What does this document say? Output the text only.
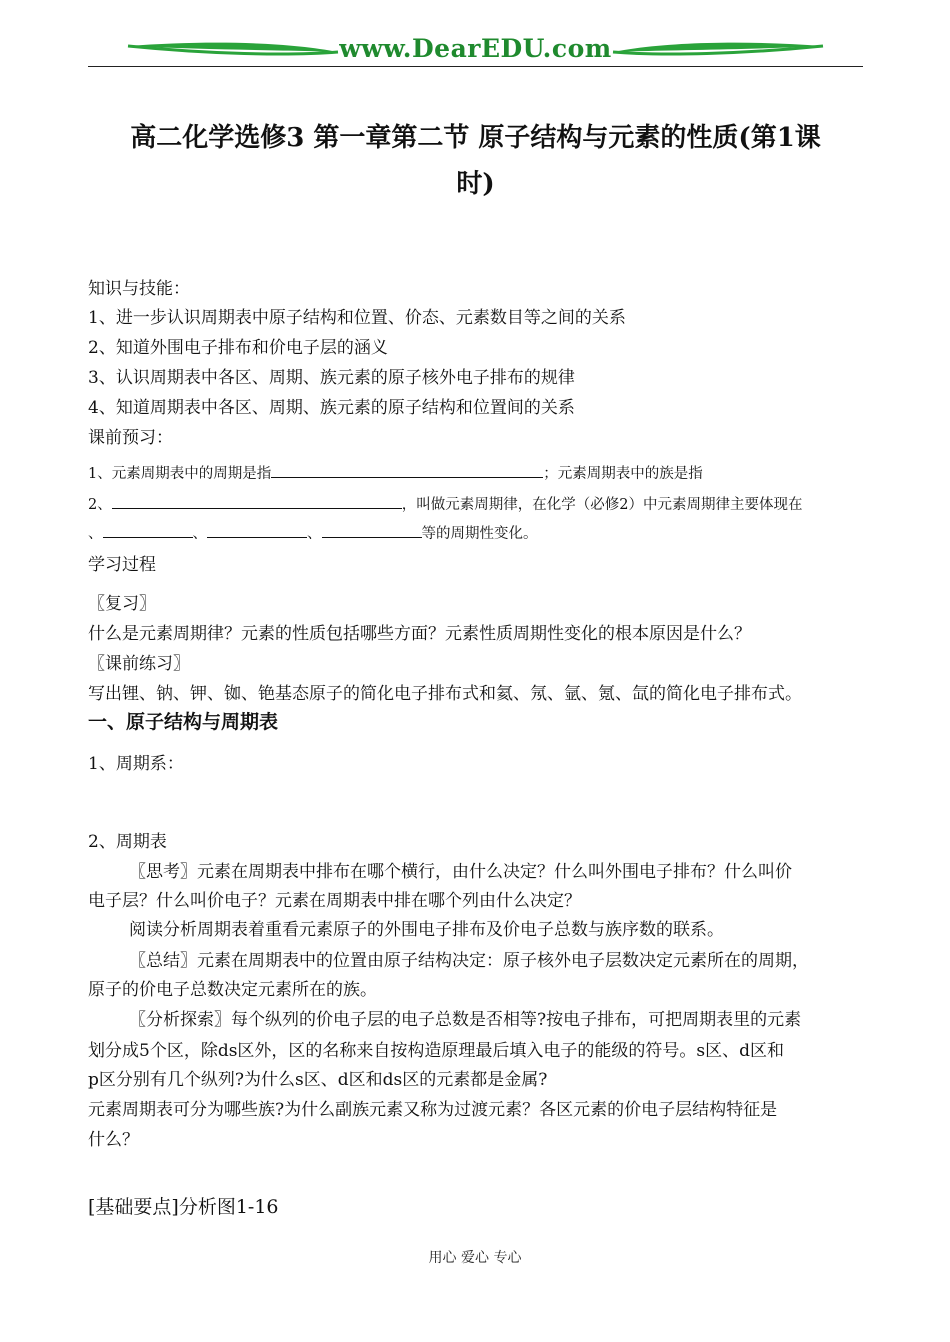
www.DearEDU.com
高二化学选修3 第一章第二节 原子结构与元素的性质(第1课
时)
知识与技能：
1、进一步认识周期表中原子结构和位置、价态、元素数目等之间的关系
2、知道外围电子排布和价电子层的涵义
3、认识周期表中各区、周期、族元素的原子核外电子排布的规律
4、知道周期表中各区、周期、族元素的原子结构和位置间的关系
课前预习：
1、元素周期表中的周期是指	；元素周期表中的族是指
2、	，叫做元素周期律，在化学（必修2）中元素周期律主要体现在
、	、	、	等的周期性变化。
学习过程
〖复习〗
什么是元素周期律？元素的性质包括哪些方面？元素性质周期性变化的根本原因是什么？
〖课前练习〗
写出锂、钠、钾、铷、铯基态原子的简化电子排布式和氦、氖、氩、氪、氙的简化电子排布式。
一、原子结构与周期表
1、周期系：
2、周期表
〖思考〗元素在周期表中排布在哪个横行，由什么决定？什么叫外围电子排布？什么叫价
电子层？什么叫价电子？元素在周期表中排在哪个列由什么决定？
阅读分析周期表着重看元素原子的外围电子排布及价电子总数与族序数的联系。
〖总结〗元素在周期表中的位置由原子结构决定：原子核外电子层数决定元素所在的周期，
原子的价电子总数决定元素所在的族。
〖分析探索〗每个纵列的价电子层的电子总数是否相等?按电子排布，可把周期表里的元素
划分成5个区，除ds区外，区的名称来自按构造原理最后填入电子的能级的符号。s区、d区和
p区分别有几个纵列?为什么s区、d区和ds区的元素都是金属?
元素周期表可分为哪些族?为什么副族元素又称为过渡元素？各区元素的价电子层结构特征是
什么？
[基础要点]分析图1-16
用心 爱心 专心
